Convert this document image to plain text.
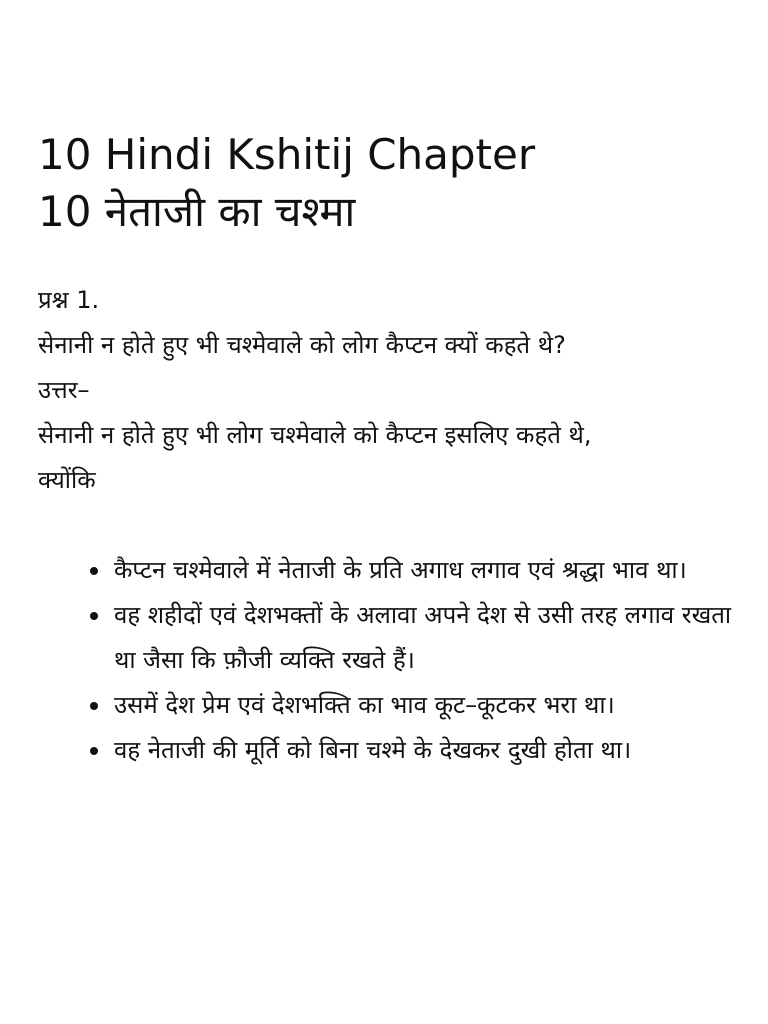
10 Hindi Kshitij Chapter
10 नेताजी का चश्मा

प्रश्न 1.

सेनानी न होते हुए भी चश्मेवाले को लोग कैप्टन क्यों कहते थे?

उत्तर–

सेनानी न होते हुए भी लोग चश्मेवाले को कैप्टन इसलिए कहते थे,

क्योंकि

कैप्टन चश्मेवाले में नेताजी के प्रति अगाध लगाव एवं श्रद्धा भाव था।
वह शहीदों एवं देशभक्तों के अलावा अपने देश से उसी तरह लगाव रखता था जैसा कि फ़ौजी व्यक्ति रखते हैं।
उसमें देश प्रेम एवं देशभक्ति का भाव कूट–कूटकर भरा था।
वह नेताजी की मूर्ति को बिना चश्मे के देखकर दुखी होता था।
